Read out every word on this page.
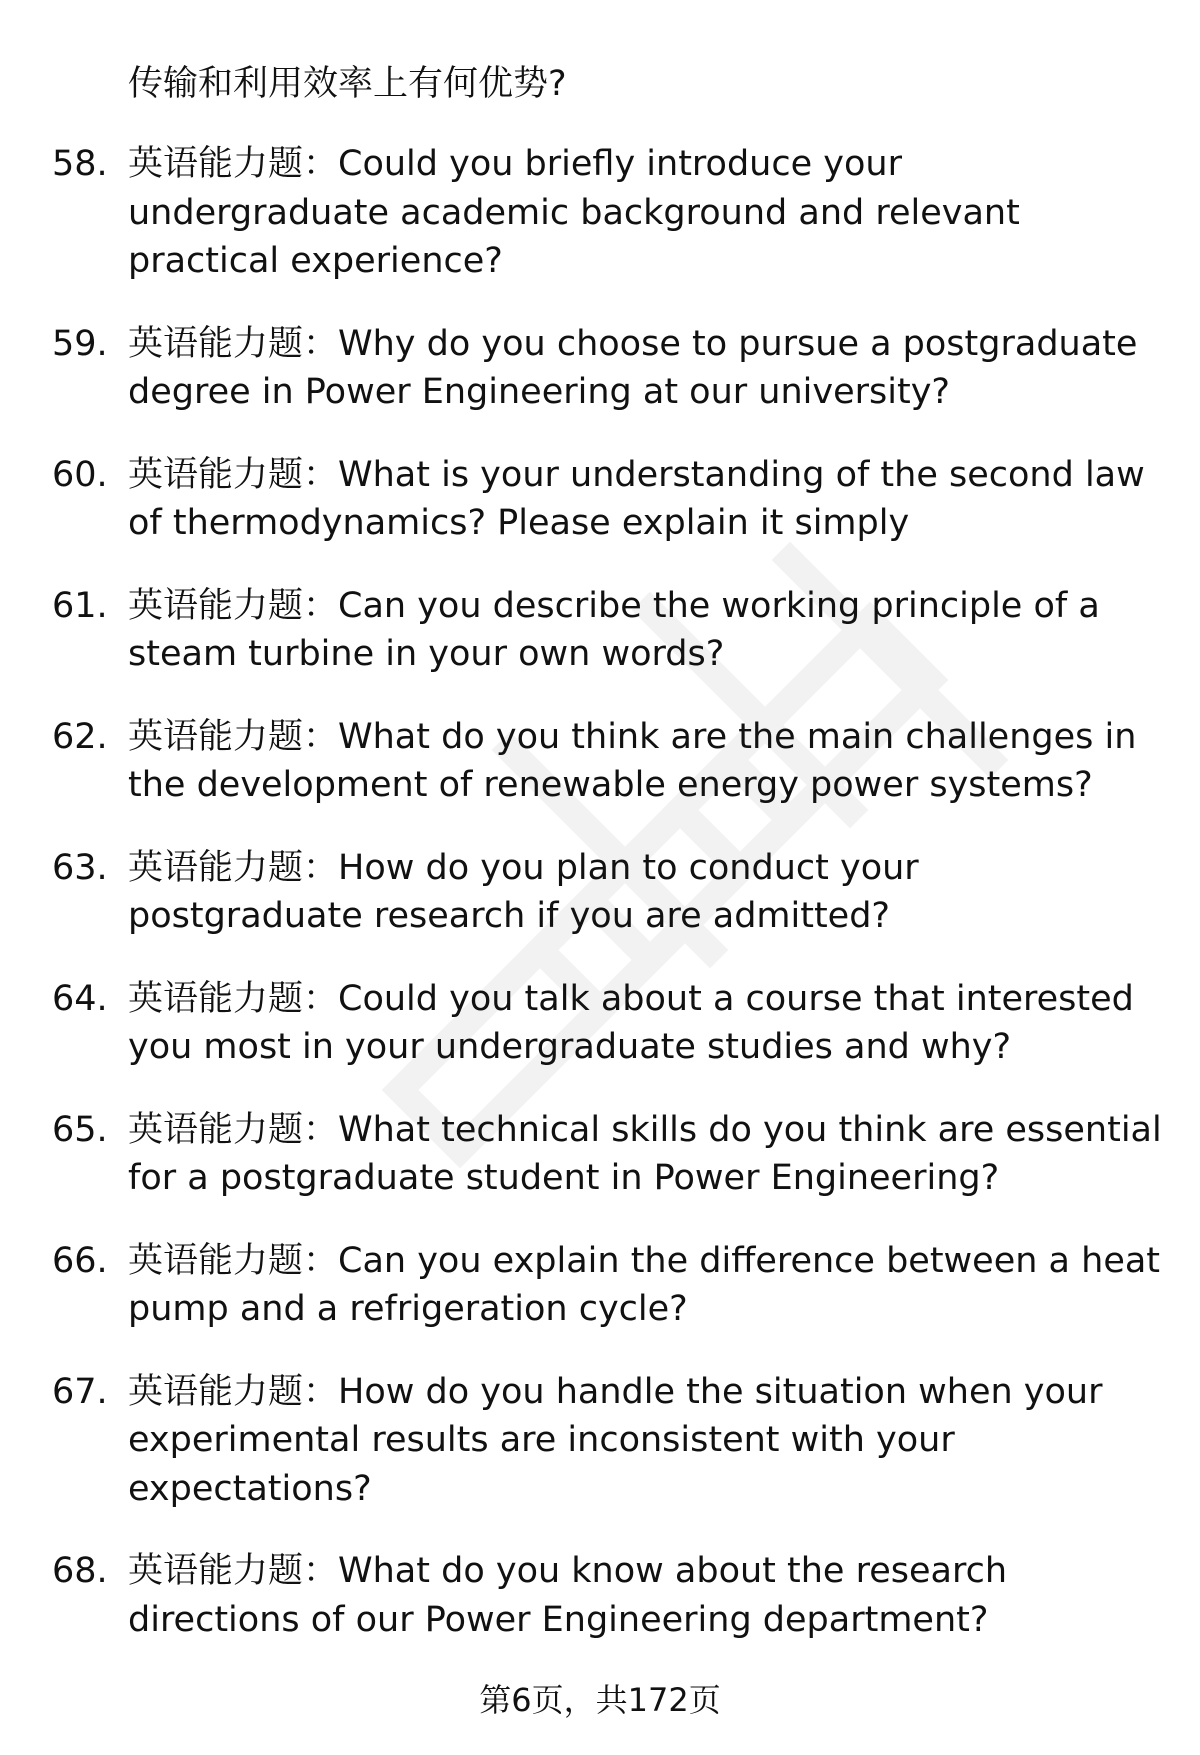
传输和利用效率上有何优势?

58. 英语能力题：Could you briefly introduce your undergraduate academic background and relevant practical experience?
59. 英语能力题：Why do you choose to pursue a postgraduate degree in Power Engineering at our university?
60. 英语能力题：What is your understanding of the second law of thermodynamics? Please explain it simply
61. 英语能力题：Can you describe the working principle of a steam turbine in your own words?
62. 英语能力题：What do you think are the main challenges in the development of renewable energy power systems?
63. 英语能力题：How do you plan to conduct your postgraduate research if you are admitted?
64. 英语能力题：Could you talk about a course that interested you most in your undergraduate studies and why?
65. 英语能力题：What technical skills do you think are essential for a postgraduate student in Power Engineering?
66. 英语能力题：Can you explain the difference between a heat pump and a refrigeration cycle?
67. 英语能力题：How do you handle the situation when your experimental results are inconsistent with your expectations?
68. 英语能力题：What do you know about the research directions of our Power Engineering department?
第6页，共172页
